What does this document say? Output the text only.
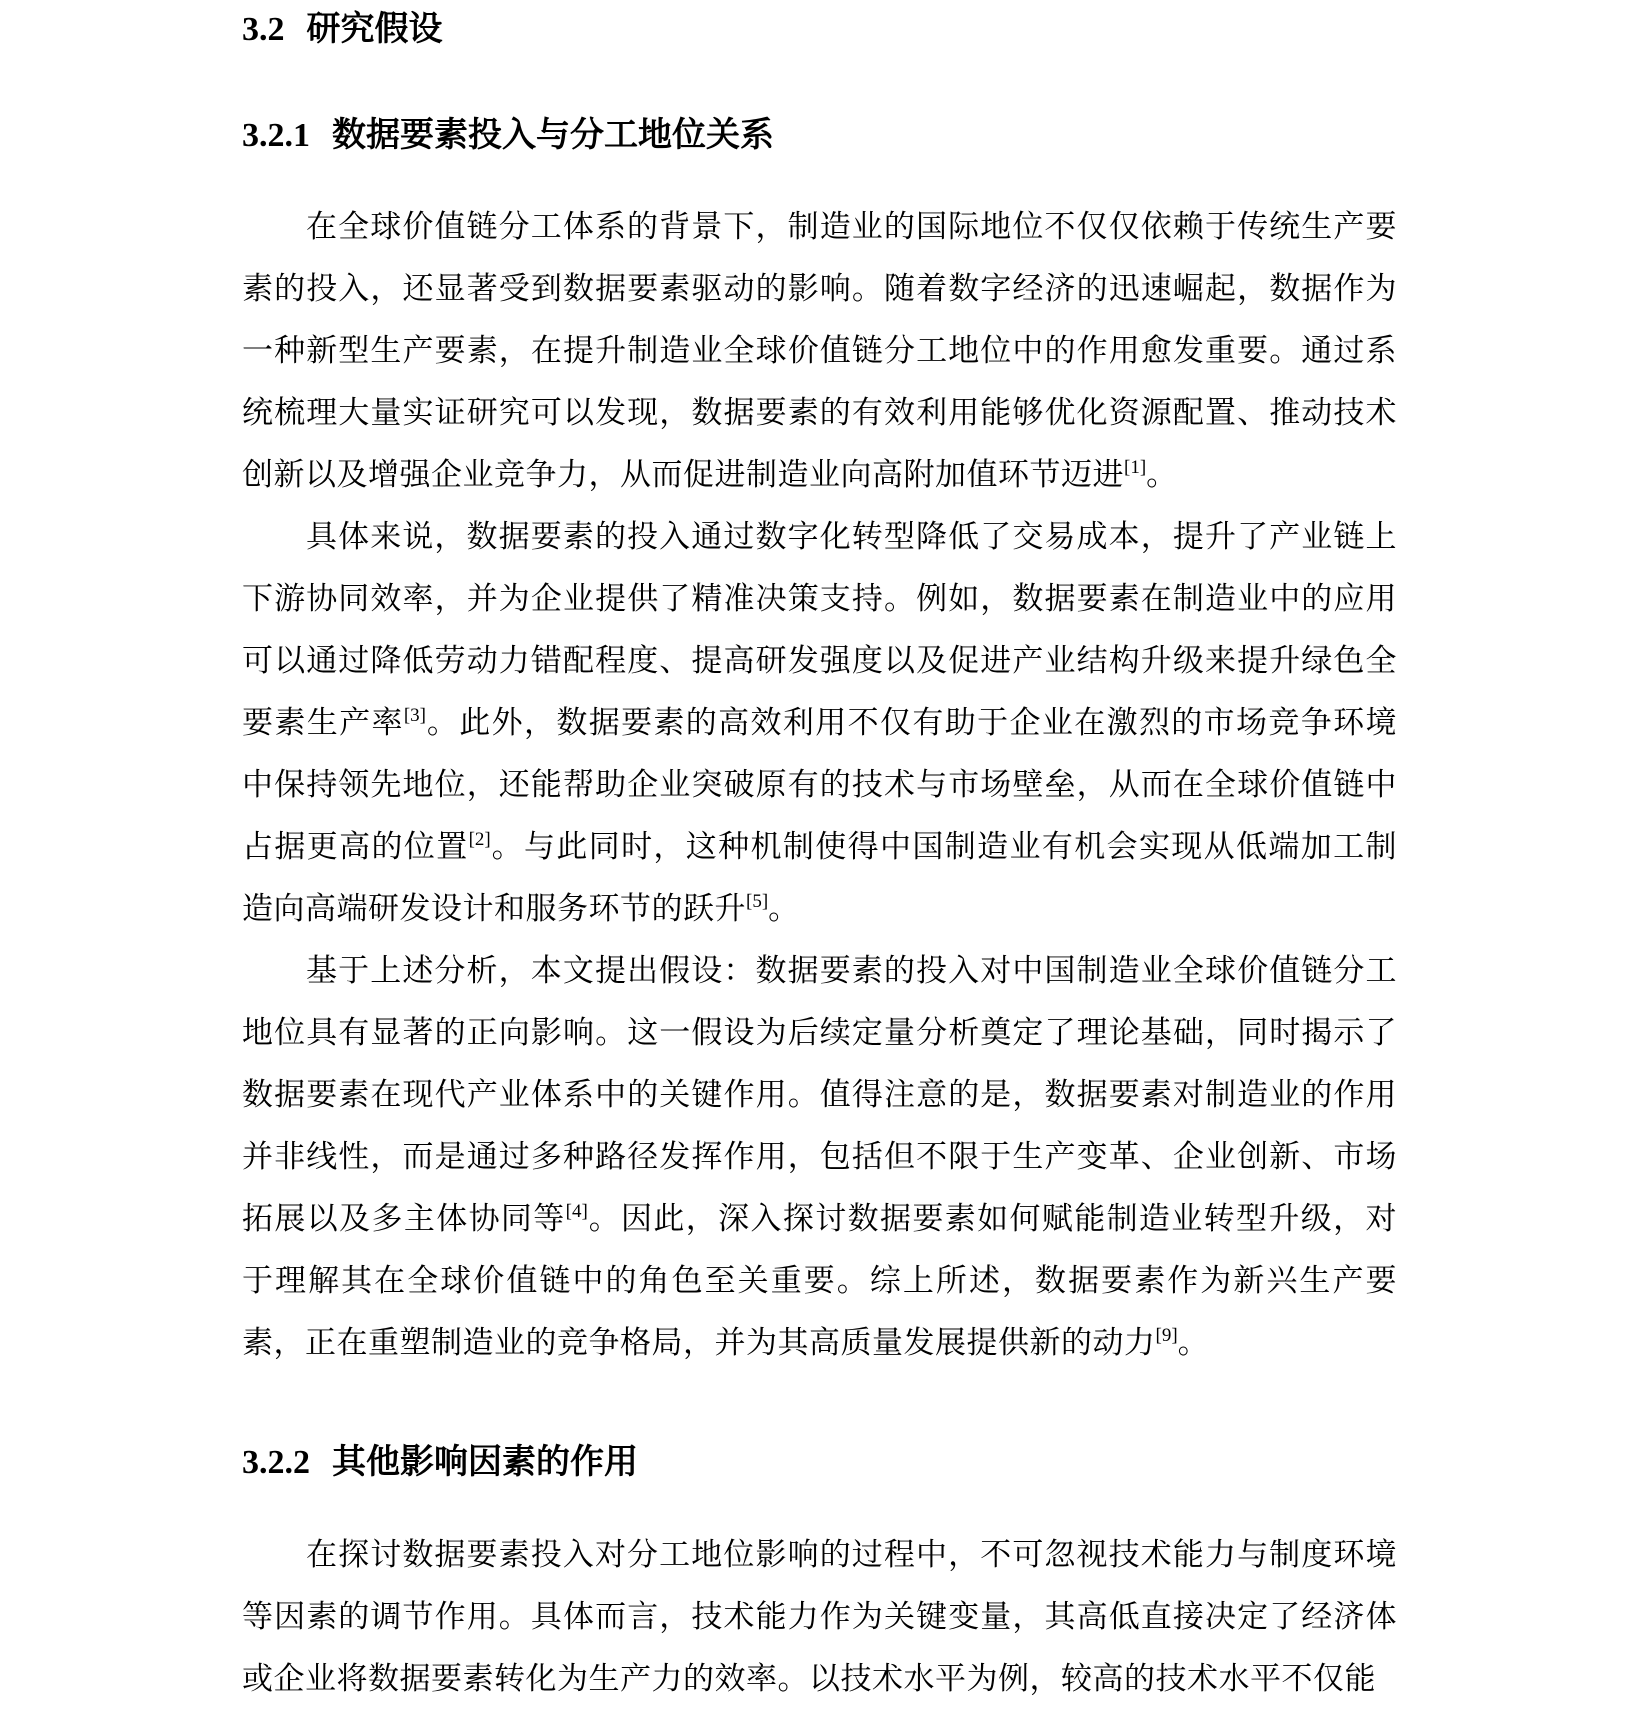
3.2 研究假设
3.2.1 数据要素投入与分工地位关系

在全球价值链分工体系的背景下，制造业的国际地位不仅仅依赖于传统生产要素的投入，还显著受到数据要素驱动的影响。随着数字经济的迅速崛起，数据作为一种新型生产要素，在提升制造业全球价值链分工地位中的作用愈发重要。通过系统梳理大量实证研究可以发现，数据要素的有效利用能够优化资源配置、推动技术创新以及增强企业竞争力，从而促进制造业向高附加值环节迈进[1]。

具体来说，数据要素的投入通过数字化转型降低了交易成本，提升了产业链上下游协同效率，并为企业提供了精准决策支持。例如，数据要素在制造业中的应用可以通过降低劳动力错配程度、提高研发强度以及促进产业结构升级来提升绿色全要素生产率[3]。此外，数据要素的高效利用不仅有助于企业在激烈的市场竞争环境中保持领先地位，还能帮助企业突破原有的技术与市场壁垒，从而在全球价值链中占据更高的位置[2]。与此同时，这种机制使得中国制造业有机会实现从低端加工制造向高端研发设计和服务环节的跃升[5]。

基于上述分析，本文提出假设：数据要素的投入对中国制造业全球价值链分工地位具有显著的正向影响。这一假设为后续定量分析奠定了理论基础，同时揭示了数据要素在现代产业体系中的关键作用。值得注意的是，数据要素对制造业的作用并非线性，而是通过多种路径发挥作用，包括但不限于生产变革、企业创新、市场拓展以及多主体协同等[4]。因此，深入探讨数据要素如何赋能制造业转型升级，对于理解其在全球价值链中的角色至关重要。综上所述，数据要素作为新兴生产要素，正在重塑制造业的竞争格局，并为其高质量发展提供新的动力[9]。

3.2.2 其他影响因素的作用

在探讨数据要素投入对分工地位影响的过程中，不可忽视技术能力与制度环境等因素的调节作用。具体而言，技术能力作为关键变量，其高低直接决定了经济体或企业将数据要素转化为生产力的效率。以技术水平为例，较高的技术水平不仅能
